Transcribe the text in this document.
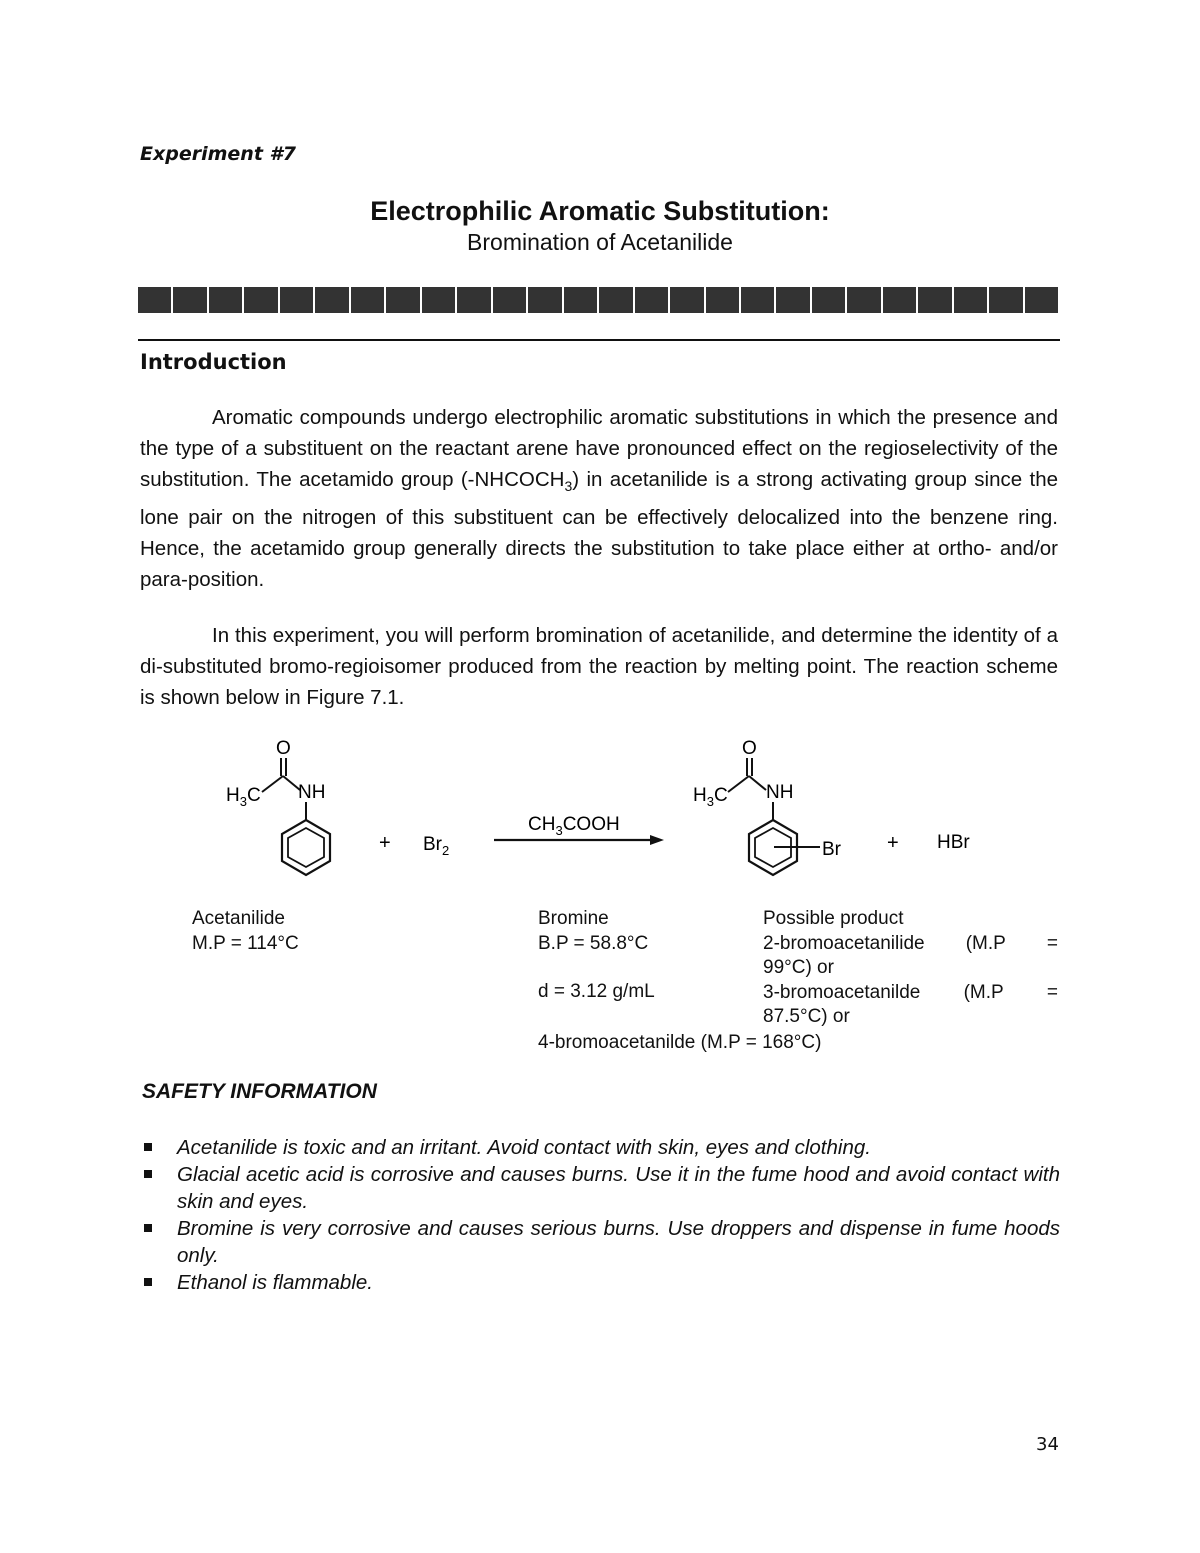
Experiment #7
Electrophilic Aromatic Substitution:
Bromination of Acetanilide
Introduction
Aromatic compounds undergo electrophilic aromatic substitutions in which the presence and the type of a substituent on the reactant arene have pronounced effect on the regioselectivity of the substitution. The acetamido group $(-NHCOCH_3)$ in acetanilide is a strong activating group since the lone pair on the nitrogen of this substituent can be effectively delocalized into the benzene ring. Hence, the acetamido group generally directs the substitution to take place either at ortho- and/or para-position.
In this experiment, you will perform bromination of acetanilide, and determine the identity of a di-substituted bromo-regioisomer produced from the reaction by melting point. The reaction scheme is shown below in Figure 7.1.
O
$H_3C$ NH
+ $Br_2$
$CH_3COOH$
O
$H_3C$ NH
Br + HBr
Acetanilide
M.P = 114°C
Bromine
B.P = 58.8°C
d = 3.12 g/mL
Possible product
2-bromoacetanilide (M.P =
99°C) or
3-bromoacetanilde (M.P =
87.5°C) or
4-bromoacetanilde (M.P = 168°C)
SAFETY INFORMATION
Acetanilide is toxic and an irritant. Avoid contact with skin, eyes and clothing.
Glacial acetic acid is corrosive and causes burns. Use it in the fume hood and avoid contact with skin and eyes.
Bromine is very corrosive and causes serious burns. Use droppers and dispense in fume hoods only.
Ethanol is flammable.
34
